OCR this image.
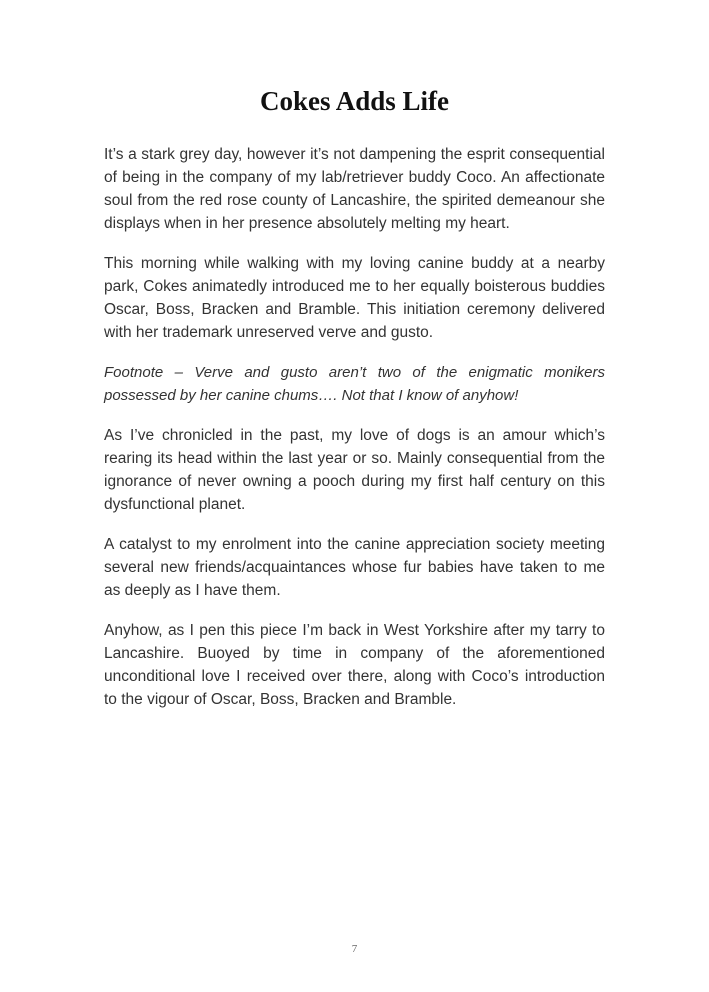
Cokes Adds Life

It’s a stark grey day, however it’s not dampening the esprit consequential of being in the company of my lab/retriever buddy Coco. An affectionate soul from the red rose county of Lancashire, the spirited demeanour she displays when in her presence absolutely melting my heart.

This morning while walking with my loving canine buddy at a nearby park, Cokes animatedly introduced me to her equally boisterous buddies Oscar, Boss, Bracken and Bramble. This initiation ceremony delivered with her trademark unreserved verve and gusto.

Footnote – Verve and gusto aren’t two of the enigmatic monikers possessed by her canine chums…. Not that I know of anyhow!

As I’ve chronicled in the past, my love of dogs is an amour which’s rearing its head within the last year or so. Mainly consequential from the ignorance of never owning a pooch during my first half century on this dysfunctional planet.

A catalyst to my enrolment into the canine appreciation society meeting several new friends/acquaintances whose fur babies have taken to me as deeply as I have them.

Anyhow, as I pen this piece I’m back in West Yorkshire after my tarry to Lancashire. Buoyed by time in company of the aforementioned unconditional love I received over there, along with Coco’s introduction to the vigour of Oscar, Boss, Bracken and Bramble.

7
